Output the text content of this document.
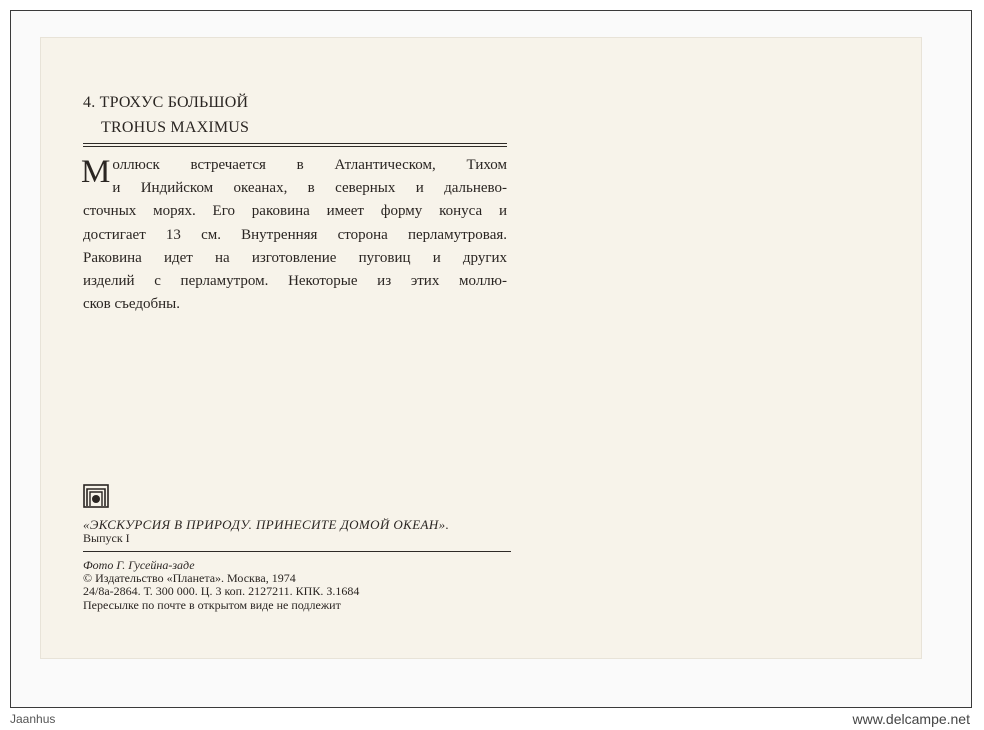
4. ТРОХУС БОЛЬШОЙ
TROHUS MAXIMUS
М оллюск встречается в Атлантическом, Тихом
и Индийском океанах, в северных и дальнево-
сточных морях. Его раковина имеет форму конуса и
достигает 13 см. Внутренняя сторона перламутровая.
Раковина идет на изготовление пуговиц и других
изделий с перламутром. Некоторые из этих моллю-
сков съедобны.
«ЭКСКУРСИЯ В ПРИРОДУ. ПРИНЕСИТЕ ДОМОЙ ОКЕАН».
Выпуск I
Фото Г. Гусейна-заде
© Издательство «Планета». Москва, 1974
24/8а-2864. Т. 300 000. Ц. 3 коп. 2127211. КПК. З.1684
Пересылке по почте в открытом виде не подлежит
Jaanhus	www.delcampe.net
